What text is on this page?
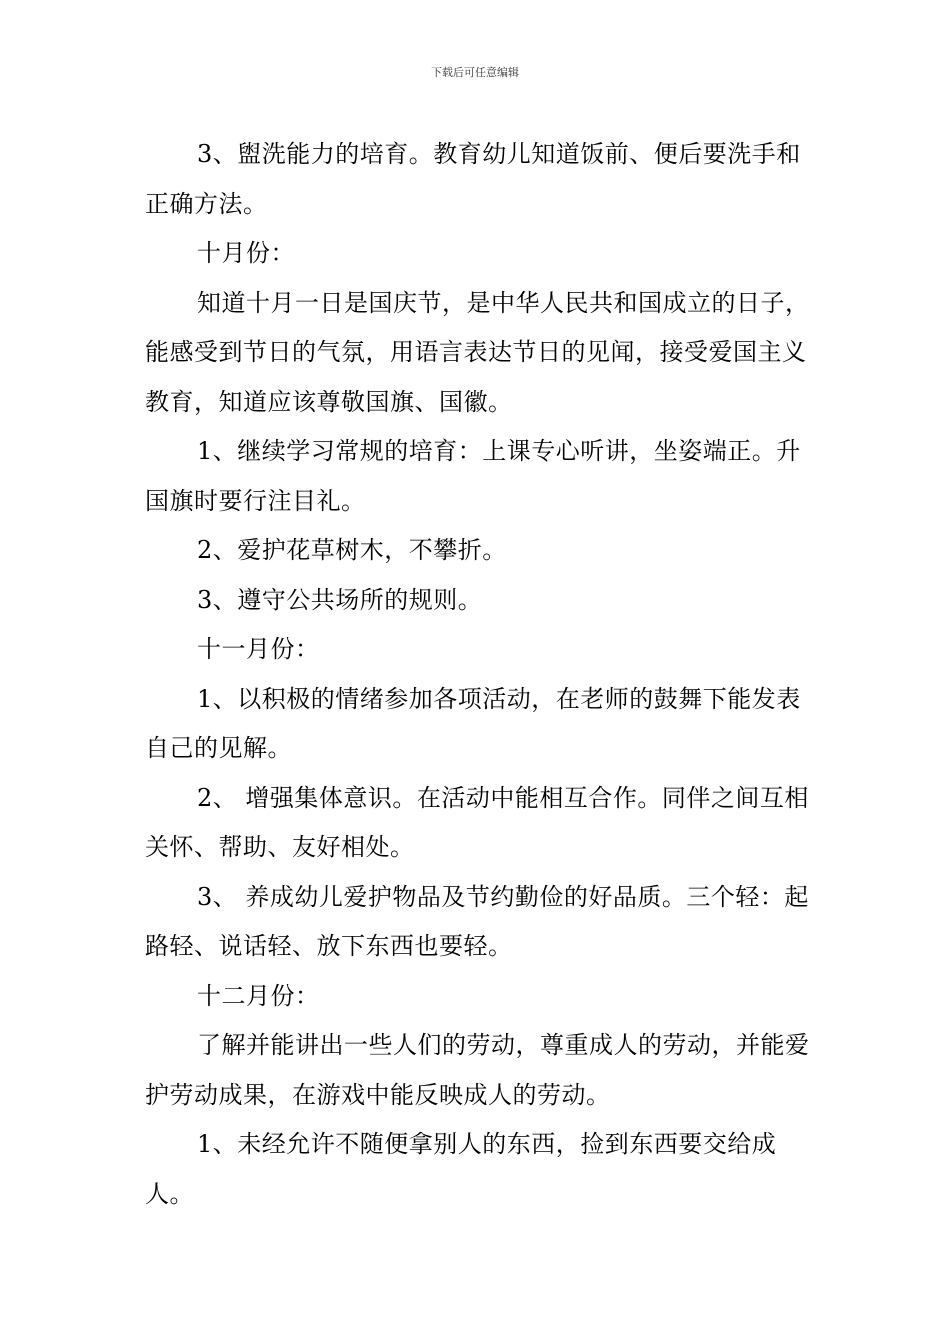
下载后可任意编辑

3、盥洗能力的培育。教育幼儿知道饭前、便后要洗手和正确方法。

十月份：

知道十月一日是国庆节，是中华人民共和国成立的日子，能感受到节日的气氛，用语言表达节日的见闻，接受爱国主义教育，知道应该尊敬国旗、国徽。

1、继续学习常规的培育：上课专心听讲，坐姿端正。升国旗时要行注目礼。

2、爱护花草树木，不攀折。

3、遵守公共场所的规则。

十一月份：

1、以积极的情绪参加各项活动，在老师的鼓舞下能发表自己的见解。

2、 增强集体意识。在活动中能相互合作。同伴之间互相关怀、帮助、友好相处。

3、 养成幼儿爱护物品及节约勤俭的好品质。三个轻：起路轻、说话轻、放下东西也要轻。

十二月份：

了解并能讲出一些人们的劳动，尊重成人的劳动，并能爱护劳动成果，在游戏中能反映成人的劳动。

1、未经允许不随便拿别人的东西，捡到东西要交给成人。
